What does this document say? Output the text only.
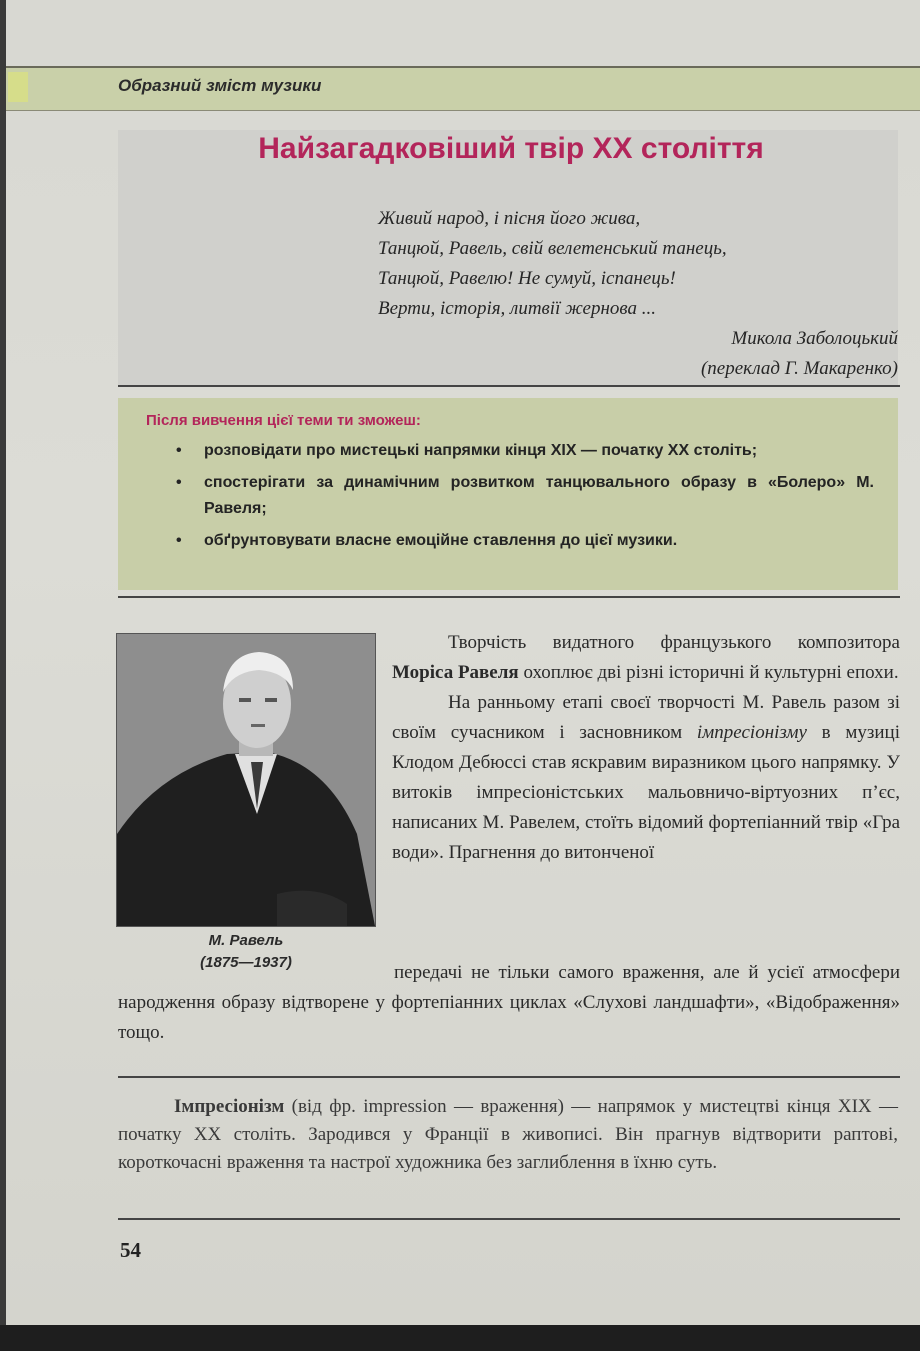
Образний зміст музики

Найзагадковіший твір XX століття

Живий народ, і пісня його жива,

Танцюй, Равель, свій велетенський танець,

Танцюй, Равелю! Не сумуй, іспанець!

Верти, історія, литвії жернова ...

Микола Заболоцький

(переклад Г. Макаренко)

Після вивчення цієї теми ти зможеш:

• розповідати про мистецькі напрямки кінця XIX — початку XX століть;
• спостерігати за динамічним розвитком танцювального образу в «Болеро» М. Равеля;
• обґрунтовувати власне емоційне ставлення до цієї музики.

М. Равель
(1875—1937)

Творчість видатного французького композитора Моріса Равеля охоплює дві різні історичні й культурні епохи.

На ранньому етапі своєї творчості М. Равель разом зі своїм сучасником і засновником імпресіонізму в музиці Клодом Дебюссі став яскравим виразником цього напрямку. У витоків імпресіоністських мальовничо-віртуозних п’єс, написаних М. Равелем, стоїть відомий фортепіанний твір «Гра води». Прагнення до витонченої

передачі не тільки самого враження, але й усієї атмосфери народження образу відтворене у фортепіанних циклах «Слухові ландшафти», «Відображення» тощо.

Імпресіонізм (від фр. impression — враження) — напрямок у мистецтві кінця XIX — початку XX століть. Зародився у Франції в живописі. Він прагнув відтворити раптові, короткочасні враження та настрої художника без заглиблення в їхню суть.

54
